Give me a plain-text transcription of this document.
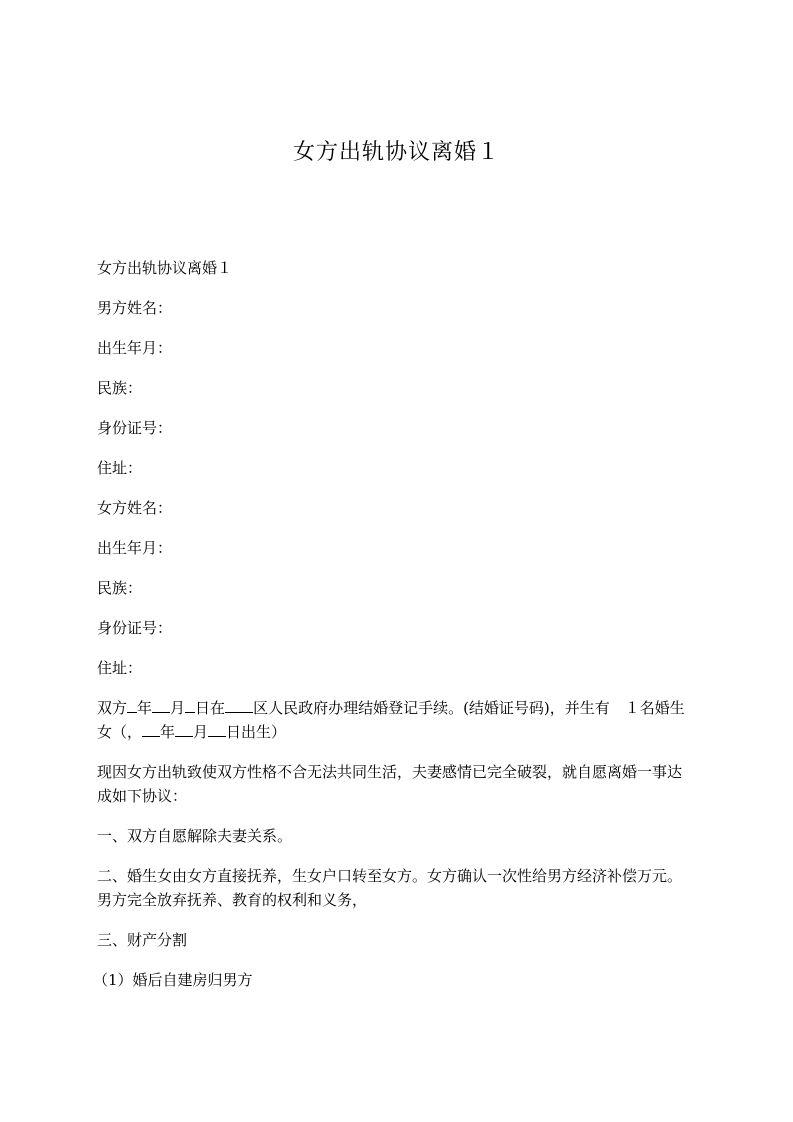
女方出轨协议离婚１

女方出轨协议离婚１

男方姓名：

出生年月：

民族：

身份证号：

住址：

女方姓名：

出生年月：

民族：

身份证号：

住址：

双方 年 月 日在 区人民政府办理结婚登记手续。(结婚证号码)，并生有　１名婚生女（， 年 月 日出生）

现因女方出轨致使双方性格不合无法共同生活，夫妻感情已完全破裂，就自愿离婚一事达成如下协议：

一、双方自愿解除夫妻关系。

二、婚生女由女方直接抚养，生女户口转至女方。女方确认一次性给男方经济补偿万元。男方完全放弃抚养、教育的权利和义务，

三、财产分割

（1）婚后自建房归男方
